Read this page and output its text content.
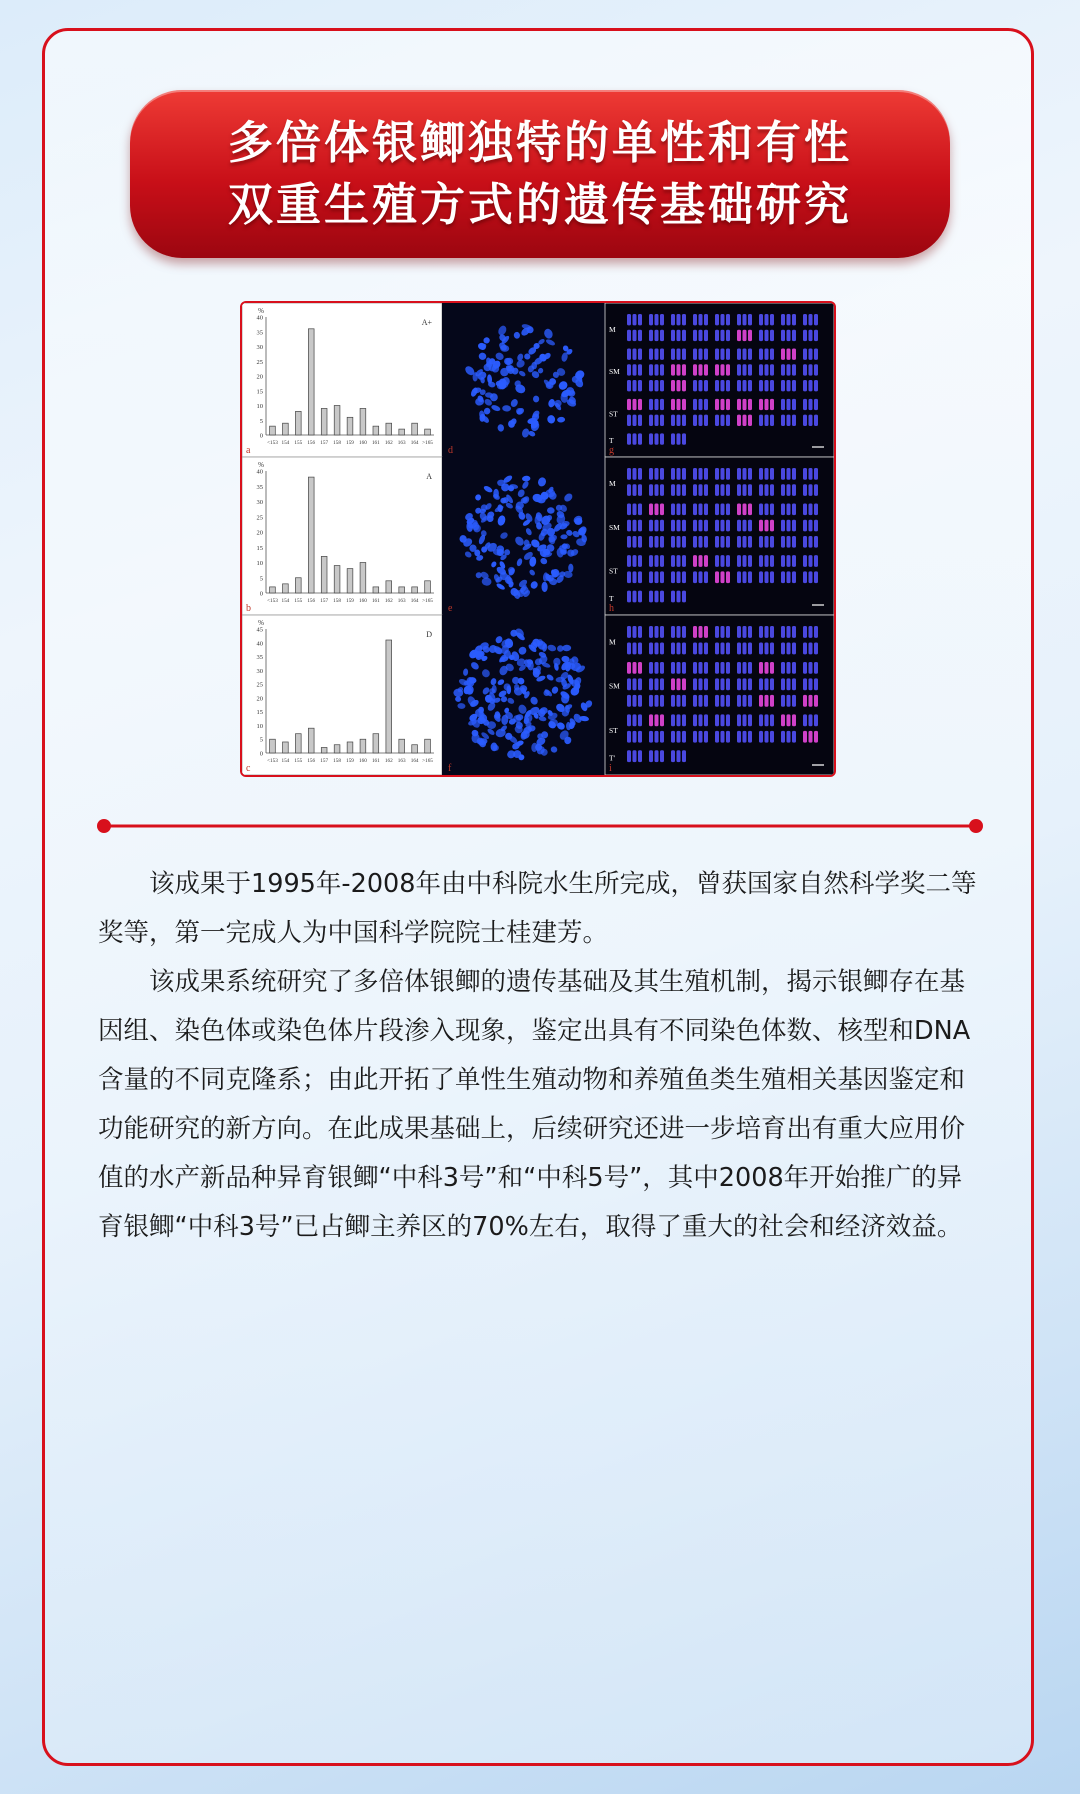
多倍体银鲫独特的单性和有性
双重生殖方式的遗传基础研究
%
A+
40
35
30
25
20
15
10
5
0
<153 154 155 156 157 158 159 160 161 162 163 164 >165
a	d
M
SM
ST
T
g
%
A
40
35
30
25
20
15
10
5
0
<153 154 155 156 157 158 159 160 161 162 163 164 >165
b	e
M
SM
ST
T
h
%
D
45
40
35
30
25
20
15
10
5
0
<153 154 155 156 157 158 159 160 161 162 163 164 >165
c	f
M
SM
ST
T'
i

该成果于1995年-2008年由中科院水生所完成，曾获国家自然科学奖二等奖等，第一完成人为中国科学院院士桂建芳。

该成果系统研究了多倍体银鲫的遗传基础及其生殖机制，揭示银鲫存在基因组、染色体或染色体片段渗入现象，鉴定出具有不同染色体数、核型和DNA含量的不同克隆系；由此开拓了单性生殖动物和养殖鱼类生殖相关基因鉴定和功能研究的新方向。在此成果基础上，后续研究还进一步培育出有重大应用价值的水产新品种异育银鲫“中科3号”和“中科5号”，其中2008年开始推广的异育银鲫“中科3号”已占鲫主养区的70%左右，取得了重大的社会和经济效益。
